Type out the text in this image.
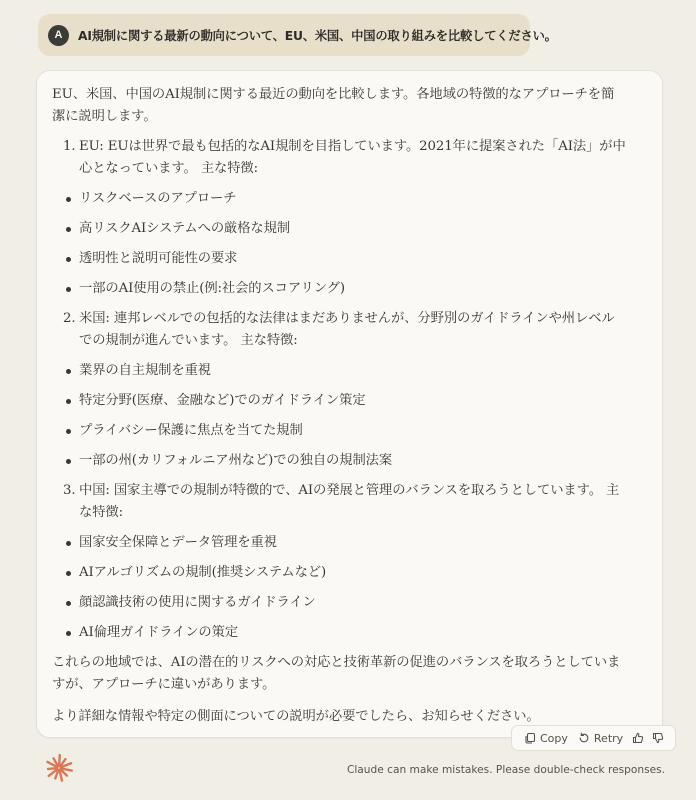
A	AI規制に関する最新の動向について、EU、米国、中国の取り組みを比較してください。

EU、米国、中国のAI規制に関する最近の動向を比較します。各地域の特徴的なアプローチを簡潔に説明します。

1. EU: EUは世界で最も包括的なAI規制を目指しています。2021年に提案された「AI法」が中心となっています。 主な特徴:
リスクベースのアプローチ
高リスクAIシステムへの厳格な規制
透明性と説明可能性の要求
一部のAI使用の禁止(例:社会的スコアリング)
2. 米国: 連邦レベルでの包括的な法律はまだありませんが、分野別のガイドラインや州レベルでの規制が進んでいます。 主な特徴:
業界の自主規制を重視
特定分野(医療、金融など)でのガイドライン策定
プライバシー保護に焦点を当てた規制
一部の州(カリフォルニア州など)での独自の規制法案
3. 中国: 国家主導での規制が特徴的で、AIの発展と管理のバランスを取ろうとしています。 主な特徴:
国家安全保障とデータ管理を重視
AIアルゴリズムの規制(推奨システムなど)
顔認識技術の使用に関するガイドライン
AI倫理ガイドラインの策定

これらの地域では、AIの潜在的リスクへの対応と技術革新の促進のバランスを取ろうとしていますが、アプローチに違いがあります。

より詳細な情報や特定の側面についての説明が必要でしたら、お知らせください。

Copy Retry
Claude can make mistakes. Please double-check responses.
